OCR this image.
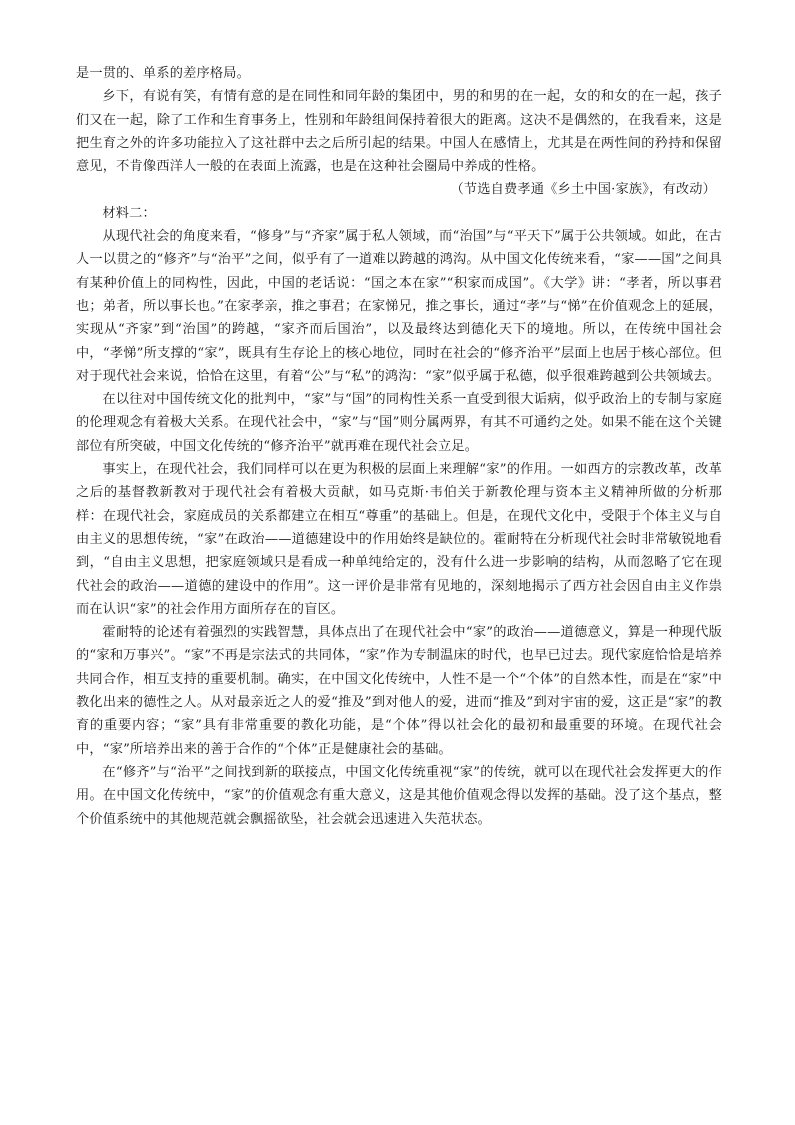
是一贯的、单系的差序格局。

乡下，有说有笑，有情有意的是在同性和同年龄的集团中，男的和男的在一起，女的和女的在一起，孩子们又在一起，除了工作和生育事务上，性别和年龄组间保持着很大的距离。这决不是偶然的，在我看来，这是把生育之外的许多功能拉入了这社群中去之后所引起的结果。中国人在感情上，尤其是在两性间的矜持和保留意见，不肯像西洋人一般的在表面上流露，也是在这种社会圈局中养成的性格。

（节选自费孝通《乡土中国·家族》，有改动）

材料二：

从现代社会的角度来看，“修身”与“齐家”属于私人领域，而“治国”与“平天下”属于公共领域。如此，在古人一以贯之的“修齐”与“治平”之间，似乎有了一道难以跨越的鸿沟。从中国文化传统来看，“家——国”之间具有某种价值上的同构性，因此，中国的老话说：“国之本在家”“积家而成国”。《大学》讲：“孝者，所以事君也；弟者，所以事长也。”在家孝亲，推之事君；在家悌兄，推之事长，通过“孝”与“悌”在价值观念上的延展，实现从“齐家”到“治国”的跨越，“家齐而后国治”，以及最终达到德化天下的境地。所以，在传统中国社会中，“孝悌”所支撑的“家”，既具有生存论上的核心地位，同时在社会的“修齐治平”层面上也居于核心部位。但对于现代社会来说，恰恰在这里，有着“公”与“私”的鸿沟：“家”似乎属于私德，似乎很难跨越到公共领域去。

在以往对中国传统文化的批判中，“家”与“国”的同构性关系一直受到很大诟病，似乎政治上的专制与家庭的伦理观念有着极大关系。在现代社会中，“家”与“国”则分属两界，有其不可通约之处。如果不能在这个关键部位有所突破，中国文化传统的“修齐治平”就再难在现代社会立足。

事实上，在现代社会，我们同样可以在更为积极的层面上来理解“家”的作用。一如西方的宗教改革，改革之后的基督教新教对于现代社会有着极大贡献，如马克斯·韦伯关于新教伦理与资本主义精神所做的分析那样：在现代社会，家庭成员的关系都建立在相互“尊重”的基础上。但是，在现代文化中，受限于个体主义与自由主义的思想传统，“家”在政治——道德建设中的作用始终是缺位的。霍耐特在分析现代社会时非常敏锐地看到，“自由主义思想，把家庭领域只是看成一种单纯给定的，没有什么进一步影响的结构，从而忽略了它在现代社会的政治——道德的建设中的作用”。这一评价是非常有见地的，深刻地揭示了西方社会因自由主义作祟而在认识“家”的社会作用方面所存在的盲区。

霍耐特的论述有着强烈的实践智慧，具体点出了在现代社会中“家”的政治——道德意义，算是一种现代版的“家和万事兴”。“家”不再是宗法式的共同体，“家”作为专制温床的时代，也早已过去。现代家庭恰恰是培养共同合作，相互支持的重要机制。确实，在中国文化传统中，人性不是一个“个体”的自然本性，而是在“家”中教化出来的德性之人。从对最亲近之人的爱“推及”到对他人的爱，进而“推及”到对宇宙的爱，这正是“家”的教育的重要内容；“家”具有非常重要的教化功能，是“个体”得以社会化的最初和最重要的环境。在现代社会中，“家”所培养出来的善于合作的“个体”正是健康社会的基础。

在“修齐”与“治平”之间找到新的联接点，中国文化传统重视“家”的传统，就可以在现代社会发挥更大的作用。在中国文化传统中，“家”的价值观念有重大意义，这是其他价值观念得以发挥的基础。没了这个基点，整个价值系统中的其他规范就会飘摇欲坠，社会就会迅速进入失范状态。
